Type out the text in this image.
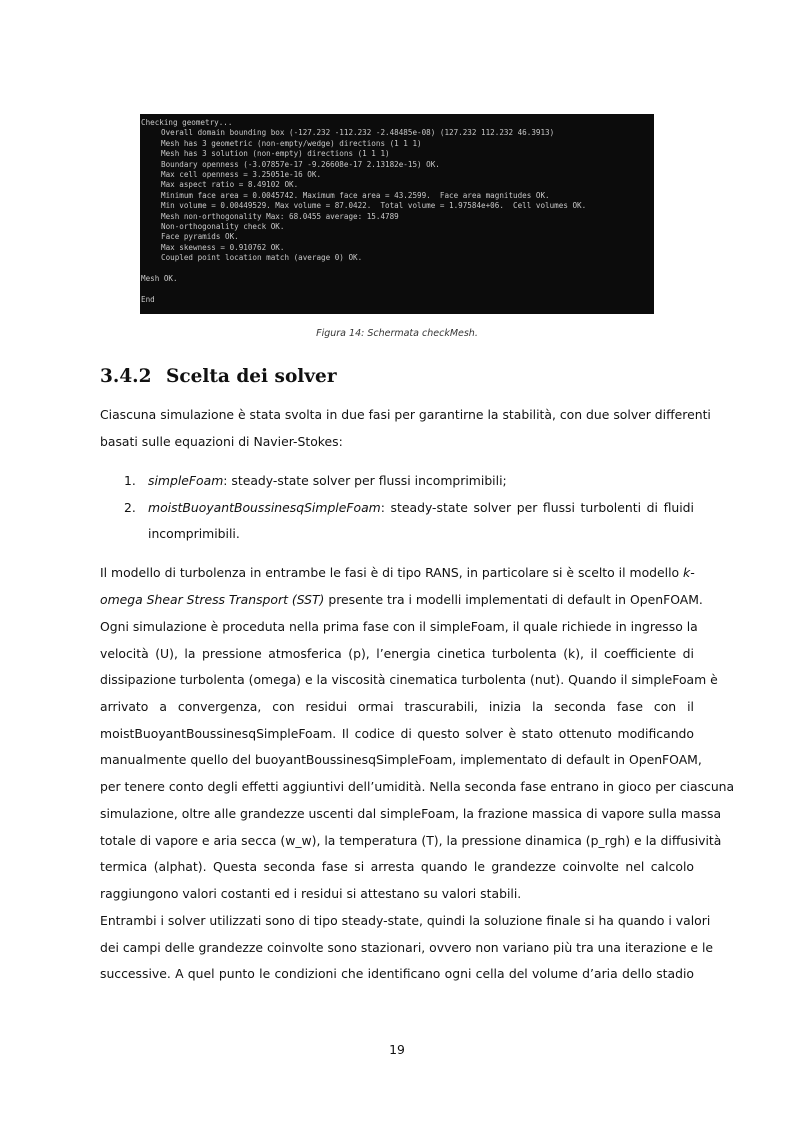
Checking geometry...
Overall domain bounding box (-127.232 -112.232 -2.48485e-08) (127.232 112.232 46.3913)
Mesh has 3 geometric (non-empty/wedge) directions (1 1 1)
Mesh has 3 solution (non-empty) directions (1 1 1)
Boundary openness (-3.07857e-17 -9.26608e-17 2.13182e-15) OK.
Max cell openness = 3.25051e-16 OK.
Max aspect ratio = 8.49102 OK.
Minimum face area = 0.0045742. Maximum face area = 43.2599.  Face area magnitudes OK.
Min volume = 0.00449529. Max volume = 87.0422.  Total volume = 1.97584e+06.  Cell volumes OK.
Mesh non-orthogonality Max: 68.0455 average: 15.4789
Non-orthogonality check OK.
Face pyramids OK.
Max skewness = 0.910762 OK.
Coupled point location match (average 0) OK.
Mesh OK.
End
Figura 14: Schermata checkMesh.
3.4.2 Scelta dei solver
Ciascuna simulazione è stata svolta in due fasi per garantirne la stabilità, con due solver differenti
basati sulle equazioni di Navier-Stokes:
1. simpleFoam: steady-state solver per flussi incomprimibili;
2. moistBuoyantBoussinesqSimpleFoam: steady-state solver per flussi turbolenti di fluidi
incomprimibili.
Il modello di turbolenza in entrambe le fasi è di tipo RANS, in particolare si è scelto il modello k-
omega Shear Stress Transport (SST) presente tra i modelli implementati di default in OpenFOAM.
Ogni simulazione è proceduta nella prima fase con il simpleFoam, il quale richiede in ingresso la
velocità (U), la pressione atmosferica (p), l’energia cinetica turbolenta (k), il coefficiente di
dissipazione turbolenta (omega) e la viscosità cinematica turbolenta (nut). Quando il simpleFoam è
arrivato a convergenza, con residui ormai trascurabili, inizia la seconda fase con il
moistBuoyantBoussinesqSimpleFoam. Il codice di questo solver è stato ottenuto modificando
manualmente quello del buoyantBoussinesqSimpleFoam, implementato di default in OpenFOAM,
per tenere conto degli effetti aggiuntivi dell’umidità. Nella seconda fase entrano in gioco per ciascuna
simulazione, oltre alle grandezze uscenti dal simpleFoam, la frazione massica di vapore sulla massa
totale di vapore e aria secca (w_w), la temperatura (T), la pressione dinamica (p_rgh) e la diffusività
termica (alphat). Questa seconda fase si arresta quando le grandezze coinvolte nel calcolo
raggiungono valori costanti ed i residui si attestano su valori stabili.
Entrambi i solver utilizzati sono di tipo steady-state, quindi la soluzione finale si ha quando i valori
dei campi delle grandezze coinvolte sono stazionari, ovvero non variano più tra una iterazione e le
successive. A quel punto le condizioni che identificano ogni cella del volume d’aria dello stadio
19
